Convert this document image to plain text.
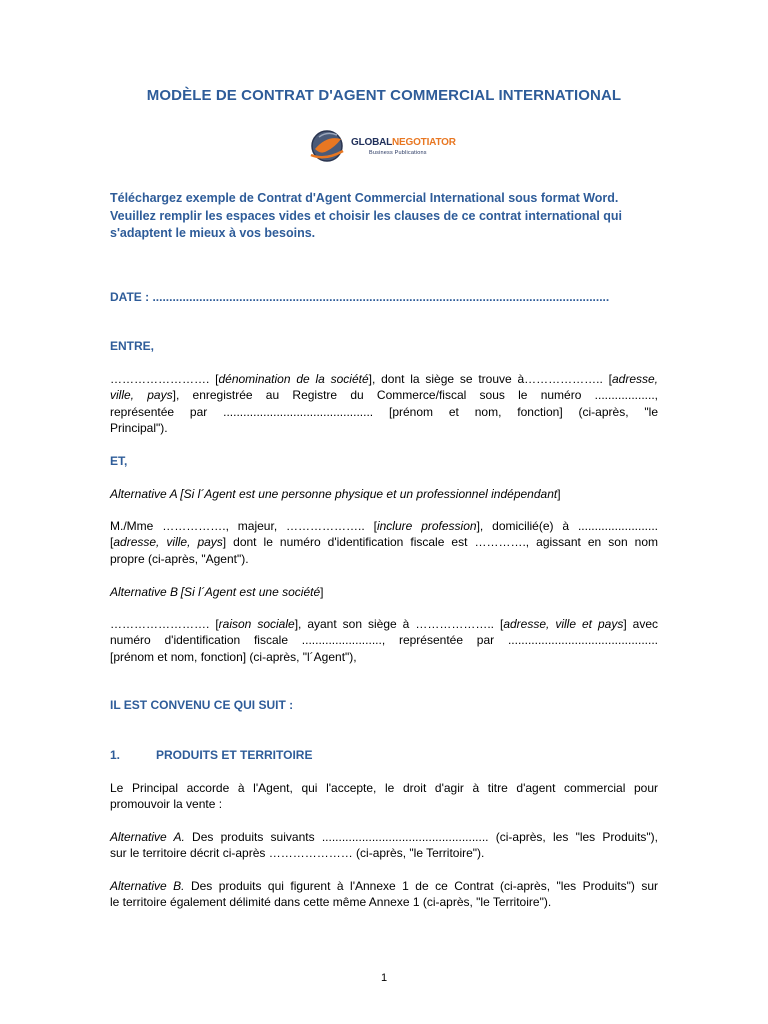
MODÈLE DE CONTRAT D'AGENT COMMERCIAL INTERNATIONAL
GLOBALNEGOTIATOR
Business Publications
Téléchargez exemple de Contrat d'Agent Commercial International sous format Word.
Veuillez remplir les espaces vides et choisir les clauses de ce contrat international qui
s'adaptent le mieux à vos besoins.
DATE : .........................................................................................................................................
ENTRE,
……………………. [dénomination de la société], dont la siège se trouve à……………….. [adresse,
ville, pays], enregistrée au Registre du Commerce/fiscal sous le numéro ..................,
représentée par ............................................. [prénom et nom, fonction] (ci-après, "le
Principal").
ET,
Alternative A  [Si l´Agent est une personne physique et un professionnel indépendant]
M./Mme ……………., majeur, ……………….. [inclure profession], domicilié(e) à ........................
[adresse, ville, pays] dont le numéro d'identification fiscale est …………., agissant en son nom
propre (ci-après, "Agent").
Alternative B  [Si l´Agent est une société]
……………………. [raison sociale], ayant son siège à ……………….. [adresse, ville et pays] avec
numéro d'identification fiscale ........................, représentée par .............................................
[prénom et nom, fonction] (ci-après, "l´Agent"),
IL EST CONVENU CE QUI SUIT :
1.	PRODUITS ET TERRITOIRE
Le Principal accorde à l'Agent, qui l'accepte, le droit d'agir à titre d'agent commercial pour
promouvoir la vente :
Alternative A. Des produits suivants .................................................. (ci-après, les "les Produits"),
sur le territoire décrit ci-après ………………… (ci-après, "le Territoire").
Alternative B. Des produits qui figurent à l'Annexe 1 de ce Contrat (ci-après, "les Produits") sur
le territoire également délimité dans cette même Annexe 1 (ci-après, "le Territoire").
1
